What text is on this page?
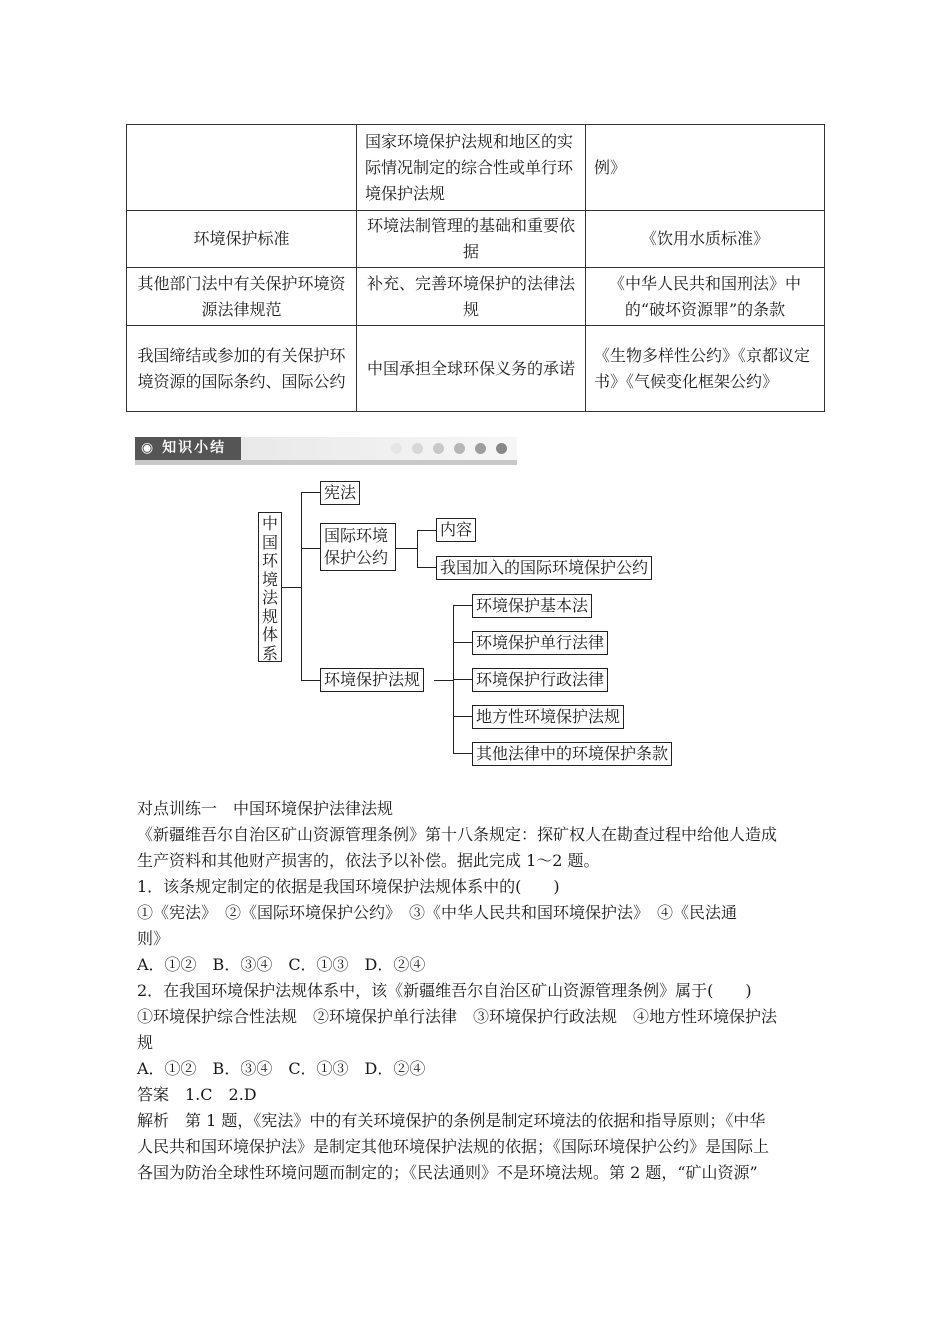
	国家环境保护法规和地区的实际情况制定的综合性或单行环境保护法规	例》
环境保护标准	环境法制管理的基础和重要依据	《饮用水质标准》
其他部门法中有关保护环境资源法律规范	补充、完善环境保护的法律法规	《中华人民共和国刑法》中的“破坏资源罪”的条款
我国缔结或参加的有关保护环境资源的国际条约、国际公约	中国承担全球环保义务的承诺	《生物多样性公约》《京都议定书》《气候变化框架公约》
◉ 知识小结
中国环境法规体系
宪法
国际环境保护公约
内容
我国加入的国际环境保护公约
环境保护法规
环境保护基本法
环境保护单行法律
环境保护行政法律
地方性环境保护法规
其他法律中的环境保护条款
对点训练一　中国环境保护法律法规
《新疆维吾尔自治区矿山资源管理条例》第十八条规定：探矿权人在勘查过程中给他人造成
生产资料和其他财产损害的，依法予以补偿。据此完成 1～2 题。
1．该条规定制定的依据是我国环境保护法规体系中的(　　)
①《宪法》　②《国际环境保护公约》　③《中华人民共和国环境保护法》　④《民法通
则》
A．①②　B．③④　C．①③　D．②④
2．在我国环境保护法规体系中，该《新疆维吾尔自治区矿山资源管理条例》属于(　　)
①环境保护综合性法规　②环境保护单行法律　③环境保护行政法规　④地方性环境保护法
规
A．①②　B．③④　C．①③　D．②④
答案　1.C　2.D
解析　第 1 题，《宪法》中的有关环境保护的条例是制定环境法的依据和指导原则；《中华
人民共和国环境保护法》是制定其他环境保护法规的依据；《国际环境保护公约》是国际上
各国为防治全球性环境问题而制定的；《民法通则》不是环境法规。第 2 题，“矿山资源”
